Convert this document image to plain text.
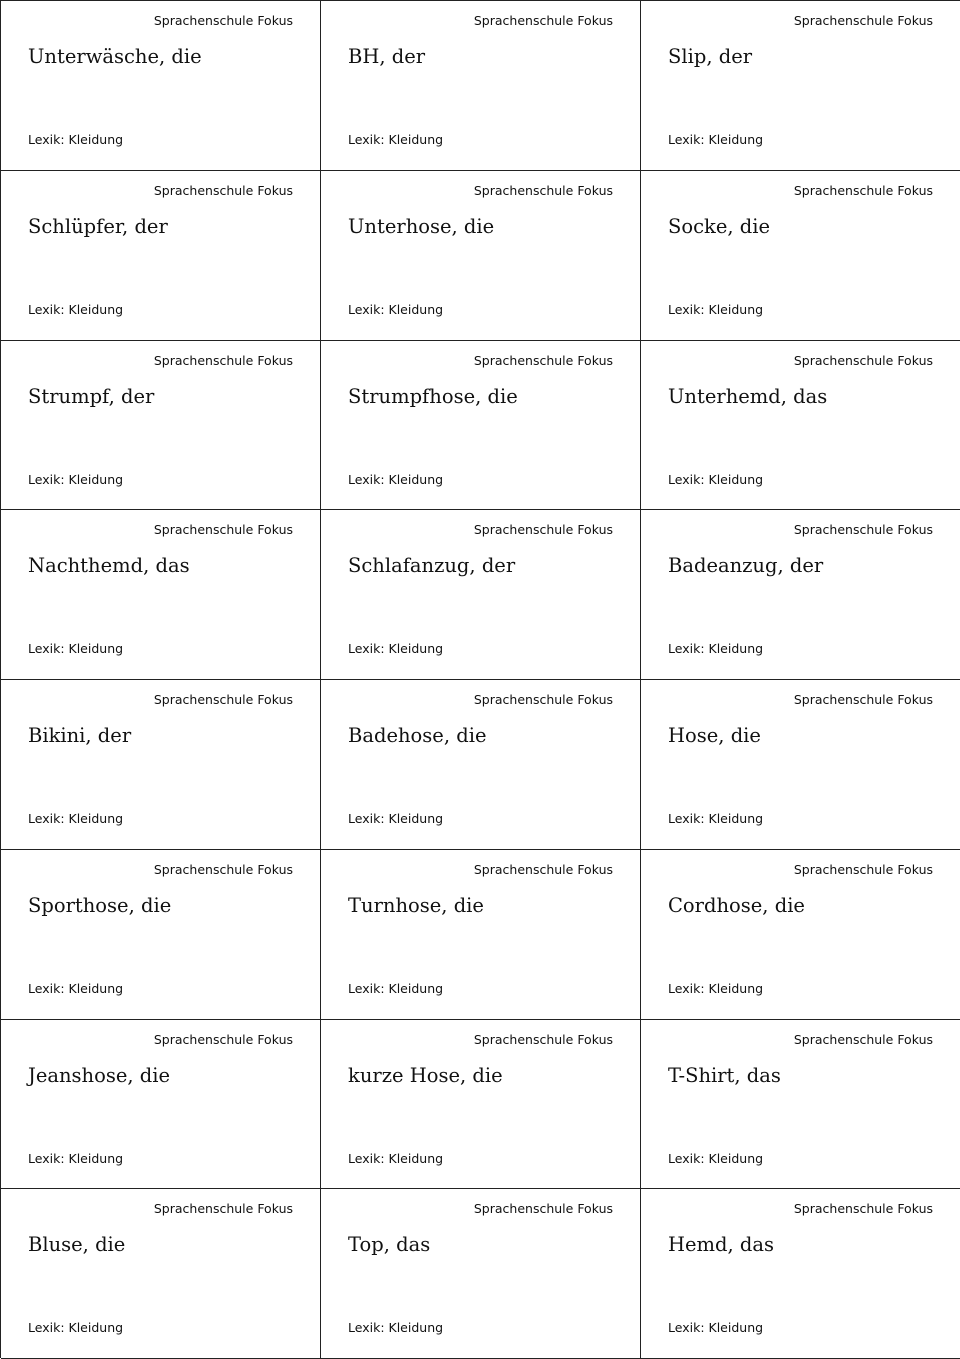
Sprachenschule Fokus
Unterwäsche, die
Lexik: Kleidung
Sprachenschule Fokus
BH, der
Lexik: Kleidung
Sprachenschule Fokus
Slip, der
Lexik: Kleidung
Sprachenschule Fokus
Schlüpfer, der
Lexik: Kleidung
Sprachenschule Fokus
Unterhose, die
Lexik: Kleidung
Sprachenschule Fokus
Socke, die
Lexik: Kleidung
Sprachenschule Fokus
Strumpf, der
Lexik: Kleidung
Sprachenschule Fokus
Strumpfhose, die
Lexik: Kleidung
Sprachenschule Fokus
Unterhemd, das
Lexik: Kleidung
Sprachenschule Fokus
Nachthemd, das
Lexik: Kleidung
Sprachenschule Fokus
Schlafanzug, der
Lexik: Kleidung
Sprachenschule Fokus
Badeanzug, der
Lexik: Kleidung
Sprachenschule Fokus
Bikini, der
Lexik: Kleidung
Sprachenschule Fokus
Badehose, die
Lexik: Kleidung
Sprachenschule Fokus
Hose, die
Lexik: Kleidung
Sprachenschule Fokus
Sporthose, die
Lexik: Kleidung
Sprachenschule Fokus
Turnhose, die
Lexik: Kleidung
Sprachenschule Fokus
Cordhose, die
Lexik: Kleidung
Sprachenschule Fokus
Jeanshose, die
Lexik: Kleidung
Sprachenschule Fokus
kurze Hose, die
Lexik: Kleidung
Sprachenschule Fokus
T-Shirt, das
Lexik: Kleidung
Sprachenschule Fokus
Bluse, die
Lexik: Kleidung
Sprachenschule Fokus
Top, das
Lexik: Kleidung
Sprachenschule Fokus
Hemd, das
Lexik: Kleidung
